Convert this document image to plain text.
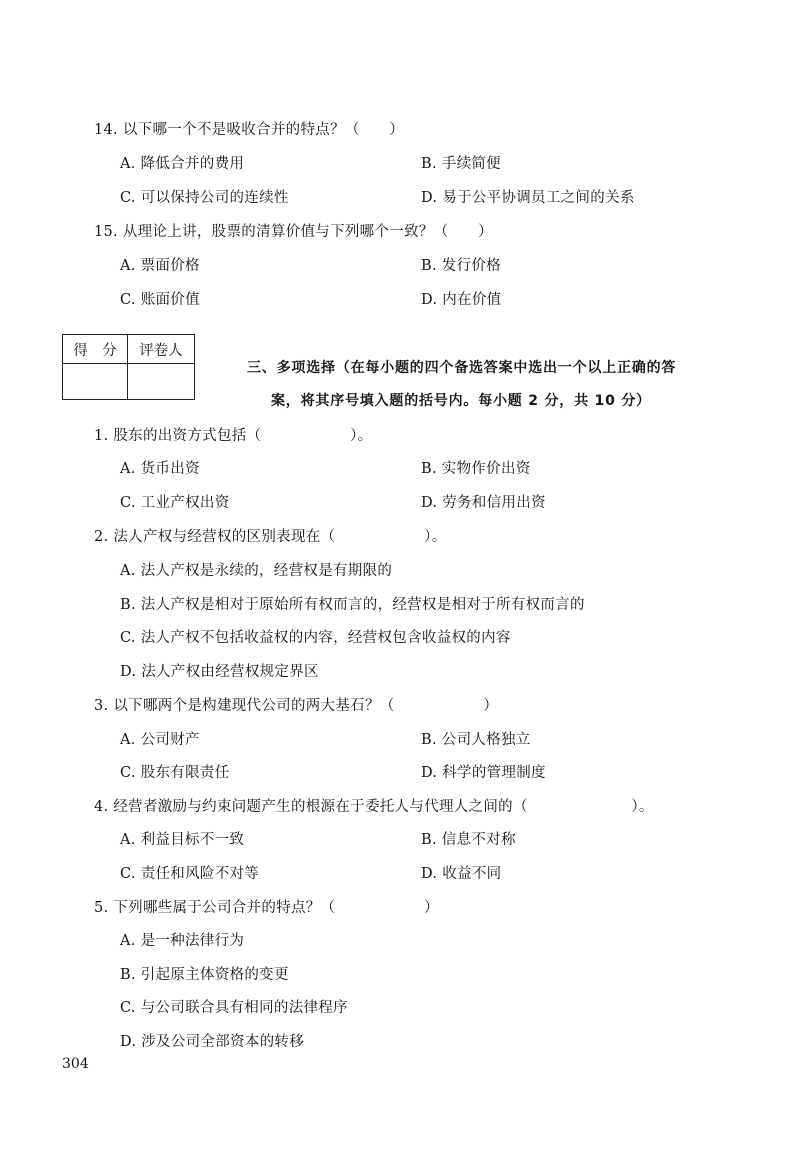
14. 以下哪一个不是吸收合并的特点？（　　）
A. 降低合并的费用	B. 手续简便
C. 可以保持公司的连续性	D. 易于公平协调员工之间的关系
15. 从理论上讲，股票的清算价值与下列哪个一致？（　　）
A. 票面价格	B. 发行价格
C. 账面价值	D. 内在价值
得　分	评卷人

三、多项选择（在每小题的四个备选答案中选出一个以上正确的答
案，将其序号填入题的括号内。每小题 2 分，共 10 分）
1. 股东的出资方式包括（　　　　　　）。
A. 货币出资	B. 实物作价出资
C. 工业产权出资	D. 劳务和信用出资
2. 法人产权与经营权的区别表现在（　　　　　　）。
A. 法人产权是永续的，经营权是有期限的
B. 法人产权是相对于原始所有权而言的，经营权是相对于所有权而言的
C. 法人产权不包括收益权的内容，经营权包含收益权的内容
D. 法人产权由经营权规定界区
3. 以下哪两个是构建现代公司的两大基石？（　　　　　　）
A. 公司财产	B. 公司人格独立
C. 股东有限责任	D. 科学的管理制度
4. 经营者激励与约束问题产生的根源在于委托人与代理人之间的（　　　　　　　）。
A. 利益目标不一致	B. 信息不对称
C. 责任和风险不对等	D. 收益不同
5. 下列哪些属于公司合并的特点？（　　　　　　）
A. 是一种法律行为
B. 引起原主体资格的变更
C. 与公司联合具有相同的法律程序
D. 涉及公司全部资本的转移
304
